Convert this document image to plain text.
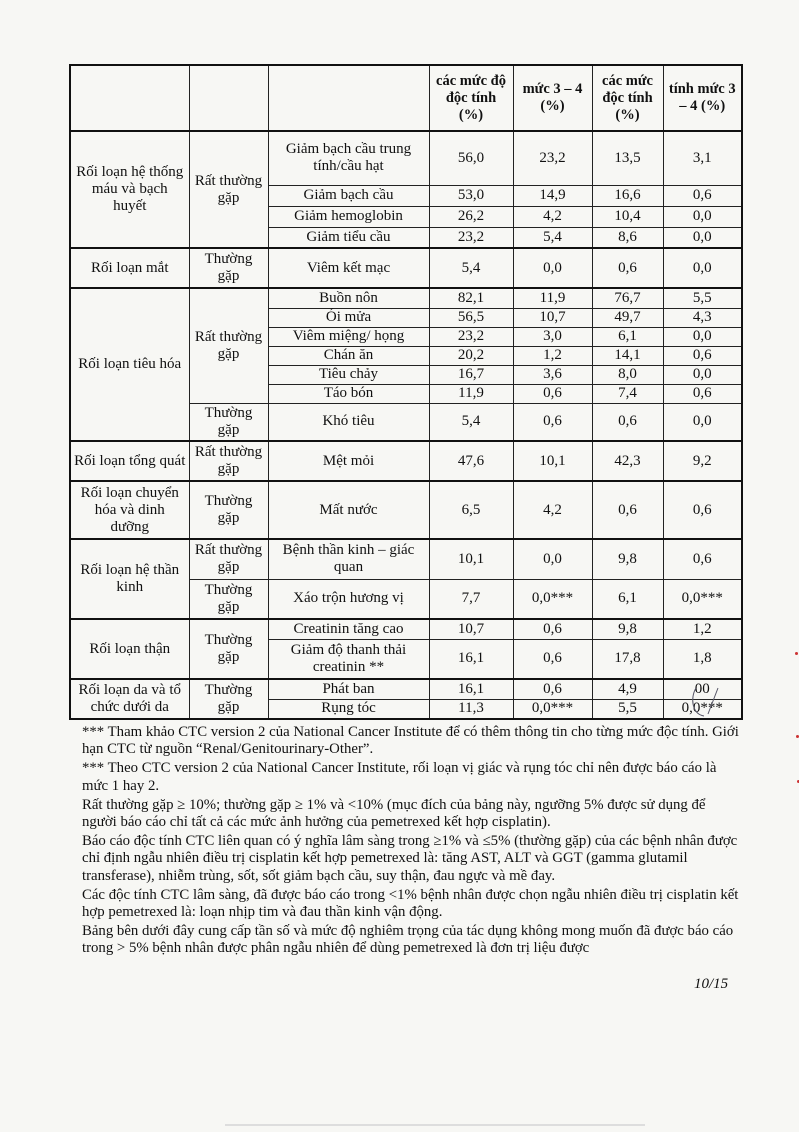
			các mức độ độc tính (%)	mức 3 – 4 (%)	các mức độc tính (%)	tính mức 3 – 4 (%)
Rối loạn hệ thống máu và bạch huyết	Rất thường gặp	Giảm bạch cầu trung tính/cầu hạt	56,0	23,2	13,5	3,1
		Giảm bạch cầu	53,0	14,9	16,6	0,6
		Giảm hemoglobin	26,2	4,2	10,4	0,0
		Giảm tiểu cầu	23,2	5,4	8,6	0,0
Rối loạn mắt	Thường gặp	Viêm kết mạc	5,4	0,0	0,6	0,0
Rối loạn tiêu hóa	Rất thường gặp	Buồn nôn	82,1	11,9	76,7	5,5
		Ói mửa	56,5	10,7	49,7	4,3
		Viêm miệng/ họng	23,2	3,0	6,1	0,0
		Chán ăn	20,2	1,2	14,1	0,6
		Tiêu chảy	16,7	3,6	8,0	0,0
		Táo bón	11,9	0,6	7,4	0,6
	Thường gặp	Khó tiêu	5,4	0,6	0,6	0,0
Rối loạn tổng quát	Rất thường gặp	Mệt mỏi	47,6	10,1	42,3	9,2
Rối loạn chuyển hóa và dinh dưỡng	Thường gặp	Mất nước	6,5	4,2	0,6	0,6
Rối loạn hệ thần kinh	Rất thường gặp	Bệnh thần kinh – giác quan	10,1	0,0	9,8	0,6
	Thường gặp	Xáo trộn hương vị	7,7	0,0***	6,1	0,0***
Rối loạn thận	Thường gặp	Creatinin tăng cao	10,7	0,6	9,8	1,2
		Giảm độ thanh thải creatinin **	16,1	0,6	17,8	1,8
Rối loạn da và tổ chức dưới da	Thường gặp	Phát ban	16,1	0,6	4,9	00
		Rụng tóc	11,3	0,0***	5,5	0,0***

*** Tham khảo CTC version 2 của National Cancer Institute để có thêm thông tin cho từng mức độc tính. Giới hạn CTC từ nguồn “Renal/Genitourinary-Other”.

*** Theo CTC version 2 của National Cancer Institute, rối loạn vị giác và rụng tóc chỉ nên được báo cáo là mức 1 hay 2.

Rất thường gặp ≥ 10%; thường gặp ≥ 1% và <10% (mục đích của bảng này, ngưỡng 5% được sử dụng để người báo cáo chỉ tất cả các mức ảnh hưởng của pemetrexed kết hợp cisplatin).

Báo cáo độc tính CTC liên quan có ý nghĩa lâm sàng trong ≥1% và ≤5% (thường gặp) của các bệnh nhân được chỉ định ngẫu nhiên điều trị cisplatin kết hợp pemetrexed là: tăng AST, ALT và GGT (gamma glutamil transferase), nhiễm trùng, sốt, sốt giảm bạch cầu, suy thận, đau ngực và mề đay.

Các độc tính CTC lâm sàng, đã được báo cáo trong <1% bệnh nhân được chọn ngẫu nhiên điều trị cisplatin kết hợp pemetrexed là: loạn nhịp tim và đau thần kinh vận động.

Bảng bên dưới đây cung cấp tần số và mức độ nghiêm trọng của tác dụng không mong muốn đã được báo cáo trong > 5% bệnh nhân được phân ngẫu nhiên để dùng pemetrexed là đơn trị liệu được

10/15
